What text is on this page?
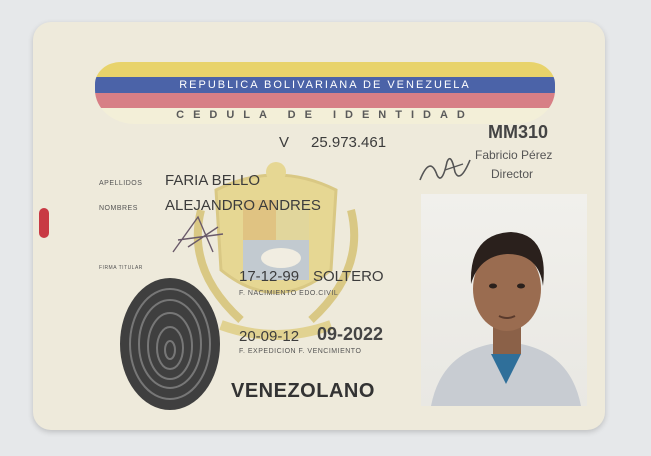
REPUBLICA BOLIVARIANA DE VENEZUELA
CEDULA DE IDENTIDAD
V 25.973.461
MM310
Fabricio Pérez
Director
APELLIDOS FARIA BELLO
NOMBRES ALEJANDRO ANDRES
FIRMA TITULAR	17-12-99 SOLTERO
F. NACIMIENTO EDO.CIVIL
20-09-12 09-2022
F. EXPEDICION F. VENCIMIENTO
VENEZOLANO
